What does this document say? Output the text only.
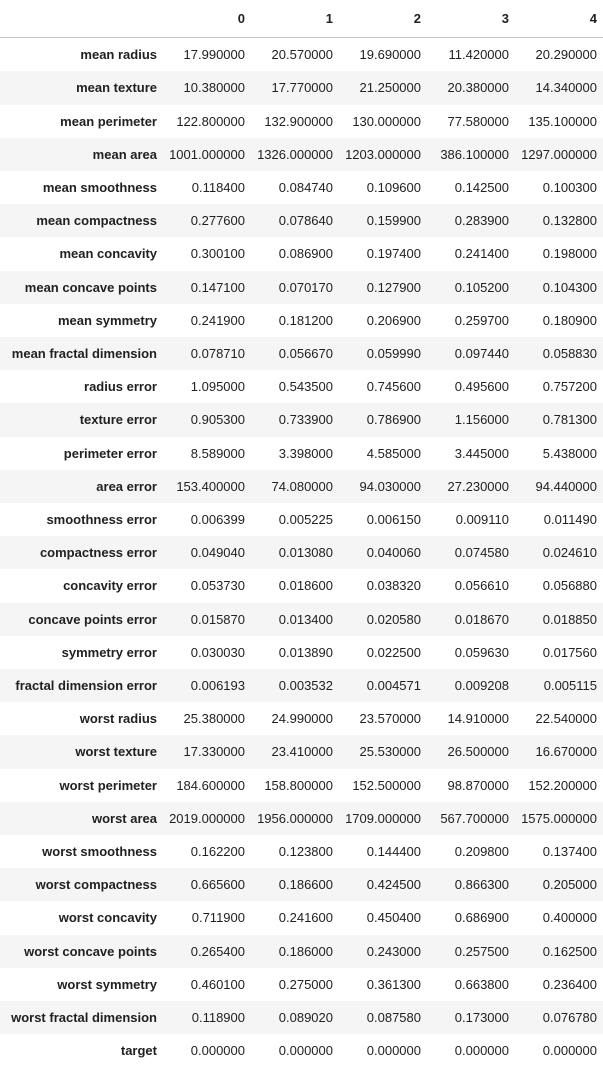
	0	1	2	3	4
mean radius	17.990000	20.570000	19.690000	11.420000	20.290000
mean texture	10.380000	17.770000	21.250000	20.380000	14.340000
mean perimeter	122.800000	132.900000	130.000000	77.580000	135.100000
mean area	1001.000000	1326.000000	1203.000000	386.100000	1297.000000
mean smoothness	0.118400	0.084740	0.109600	0.142500	0.100300
mean compactness	0.277600	0.078640	0.159900	0.283900	0.132800
mean concavity	0.300100	0.086900	0.197400	0.241400	0.198000
mean concave points	0.147100	0.070170	0.127900	0.105200	0.104300
mean symmetry	0.241900	0.181200	0.206900	0.259700	0.180900
mean fractal dimension	0.078710	0.056670	0.059990	0.097440	0.058830
radius error	1.095000	0.543500	0.745600	0.495600	0.757200
texture error	0.905300	0.733900	0.786900	1.156000	0.781300
perimeter error	8.589000	3.398000	4.585000	3.445000	5.438000
area error	153.400000	74.080000	94.030000	27.230000	94.440000
smoothness error	0.006399	0.005225	0.006150	0.009110	0.011490
compactness error	0.049040	0.013080	0.040060	0.074580	0.024610
concavity error	0.053730	0.018600	0.038320	0.056610	0.056880
concave points error	0.015870	0.013400	0.020580	0.018670	0.018850
symmetry error	0.030030	0.013890	0.022500	0.059630	0.017560
fractal dimension error	0.006193	0.003532	0.004571	0.009208	0.005115
worst radius	25.380000	24.990000	23.570000	14.910000	22.540000
worst texture	17.330000	23.410000	25.530000	26.500000	16.670000
worst perimeter	184.600000	158.800000	152.500000	98.870000	152.200000
worst area	2019.000000	1956.000000	1709.000000	567.700000	1575.000000
worst smoothness	0.162200	0.123800	0.144400	0.209800	0.137400
worst compactness	0.665600	0.186600	0.424500	0.866300	0.205000
worst concavity	0.711900	0.241600	0.450400	0.686900	0.400000
worst concave points	0.265400	0.186000	0.243000	0.257500	0.162500
worst symmetry	0.460100	0.275000	0.361300	0.663800	0.236400
worst fractal dimension	0.118900	0.089020	0.087580	0.173000	0.076780
target	0.000000	0.000000	0.000000	0.000000	0.000000
